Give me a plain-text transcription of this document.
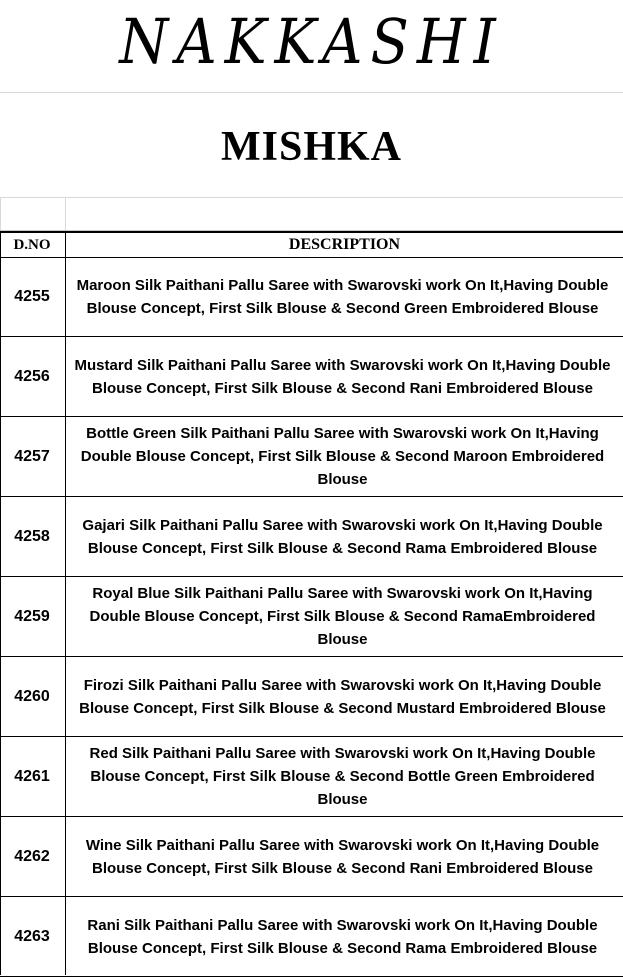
NAKKASHI
MISHKA
D.NO	DESCRIPTION
4255
Maroon Silk Paithani Pallu Saree with Swarovski work On It,Having Double Blouse Concept, First Silk Blouse & Second Green Embroidered Blouse
4256
Mustard Silk Paithani Pallu Saree with Swarovski work On It,Having Double Blouse Concept, First Silk Blouse & Second Rani Embroidered Blouse
4257
Bottle Green Silk Paithani Pallu Saree with Swarovski work On It,Having Double Blouse Concept, First Silk Blouse & Second Maroon Embroidered Blouse
4258
Gajari Silk Paithani Pallu Saree with Swarovski work On It,Having Double Blouse Concept, First Silk Blouse & Second Rama Embroidered Blouse
4259
Royal Blue Silk Paithani Pallu Saree with Swarovski work On It,Having Double Blouse Concept, First Silk Blouse & Second RamaEmbroidered Blouse
4260
Firozi Silk Paithani Pallu Saree with Swarovski work On It,Having Double Blouse Concept, First Silk Blouse & Second Mustard Embroidered Blouse
4261
Red Silk Paithani Pallu Saree with Swarovski work On It,Having Double Blouse Concept, First Silk Blouse & Second Bottle Green Embroidered Blouse
4262
Wine Silk Paithani Pallu Saree with Swarovski work On It,Having Double Blouse Concept, First Silk Blouse & Second Rani Embroidered Blouse
4263
Rani Silk Paithani Pallu Saree with Swarovski work On It,Having Double Blouse Concept, First Silk Blouse & Second Rama Embroidered Blouse
